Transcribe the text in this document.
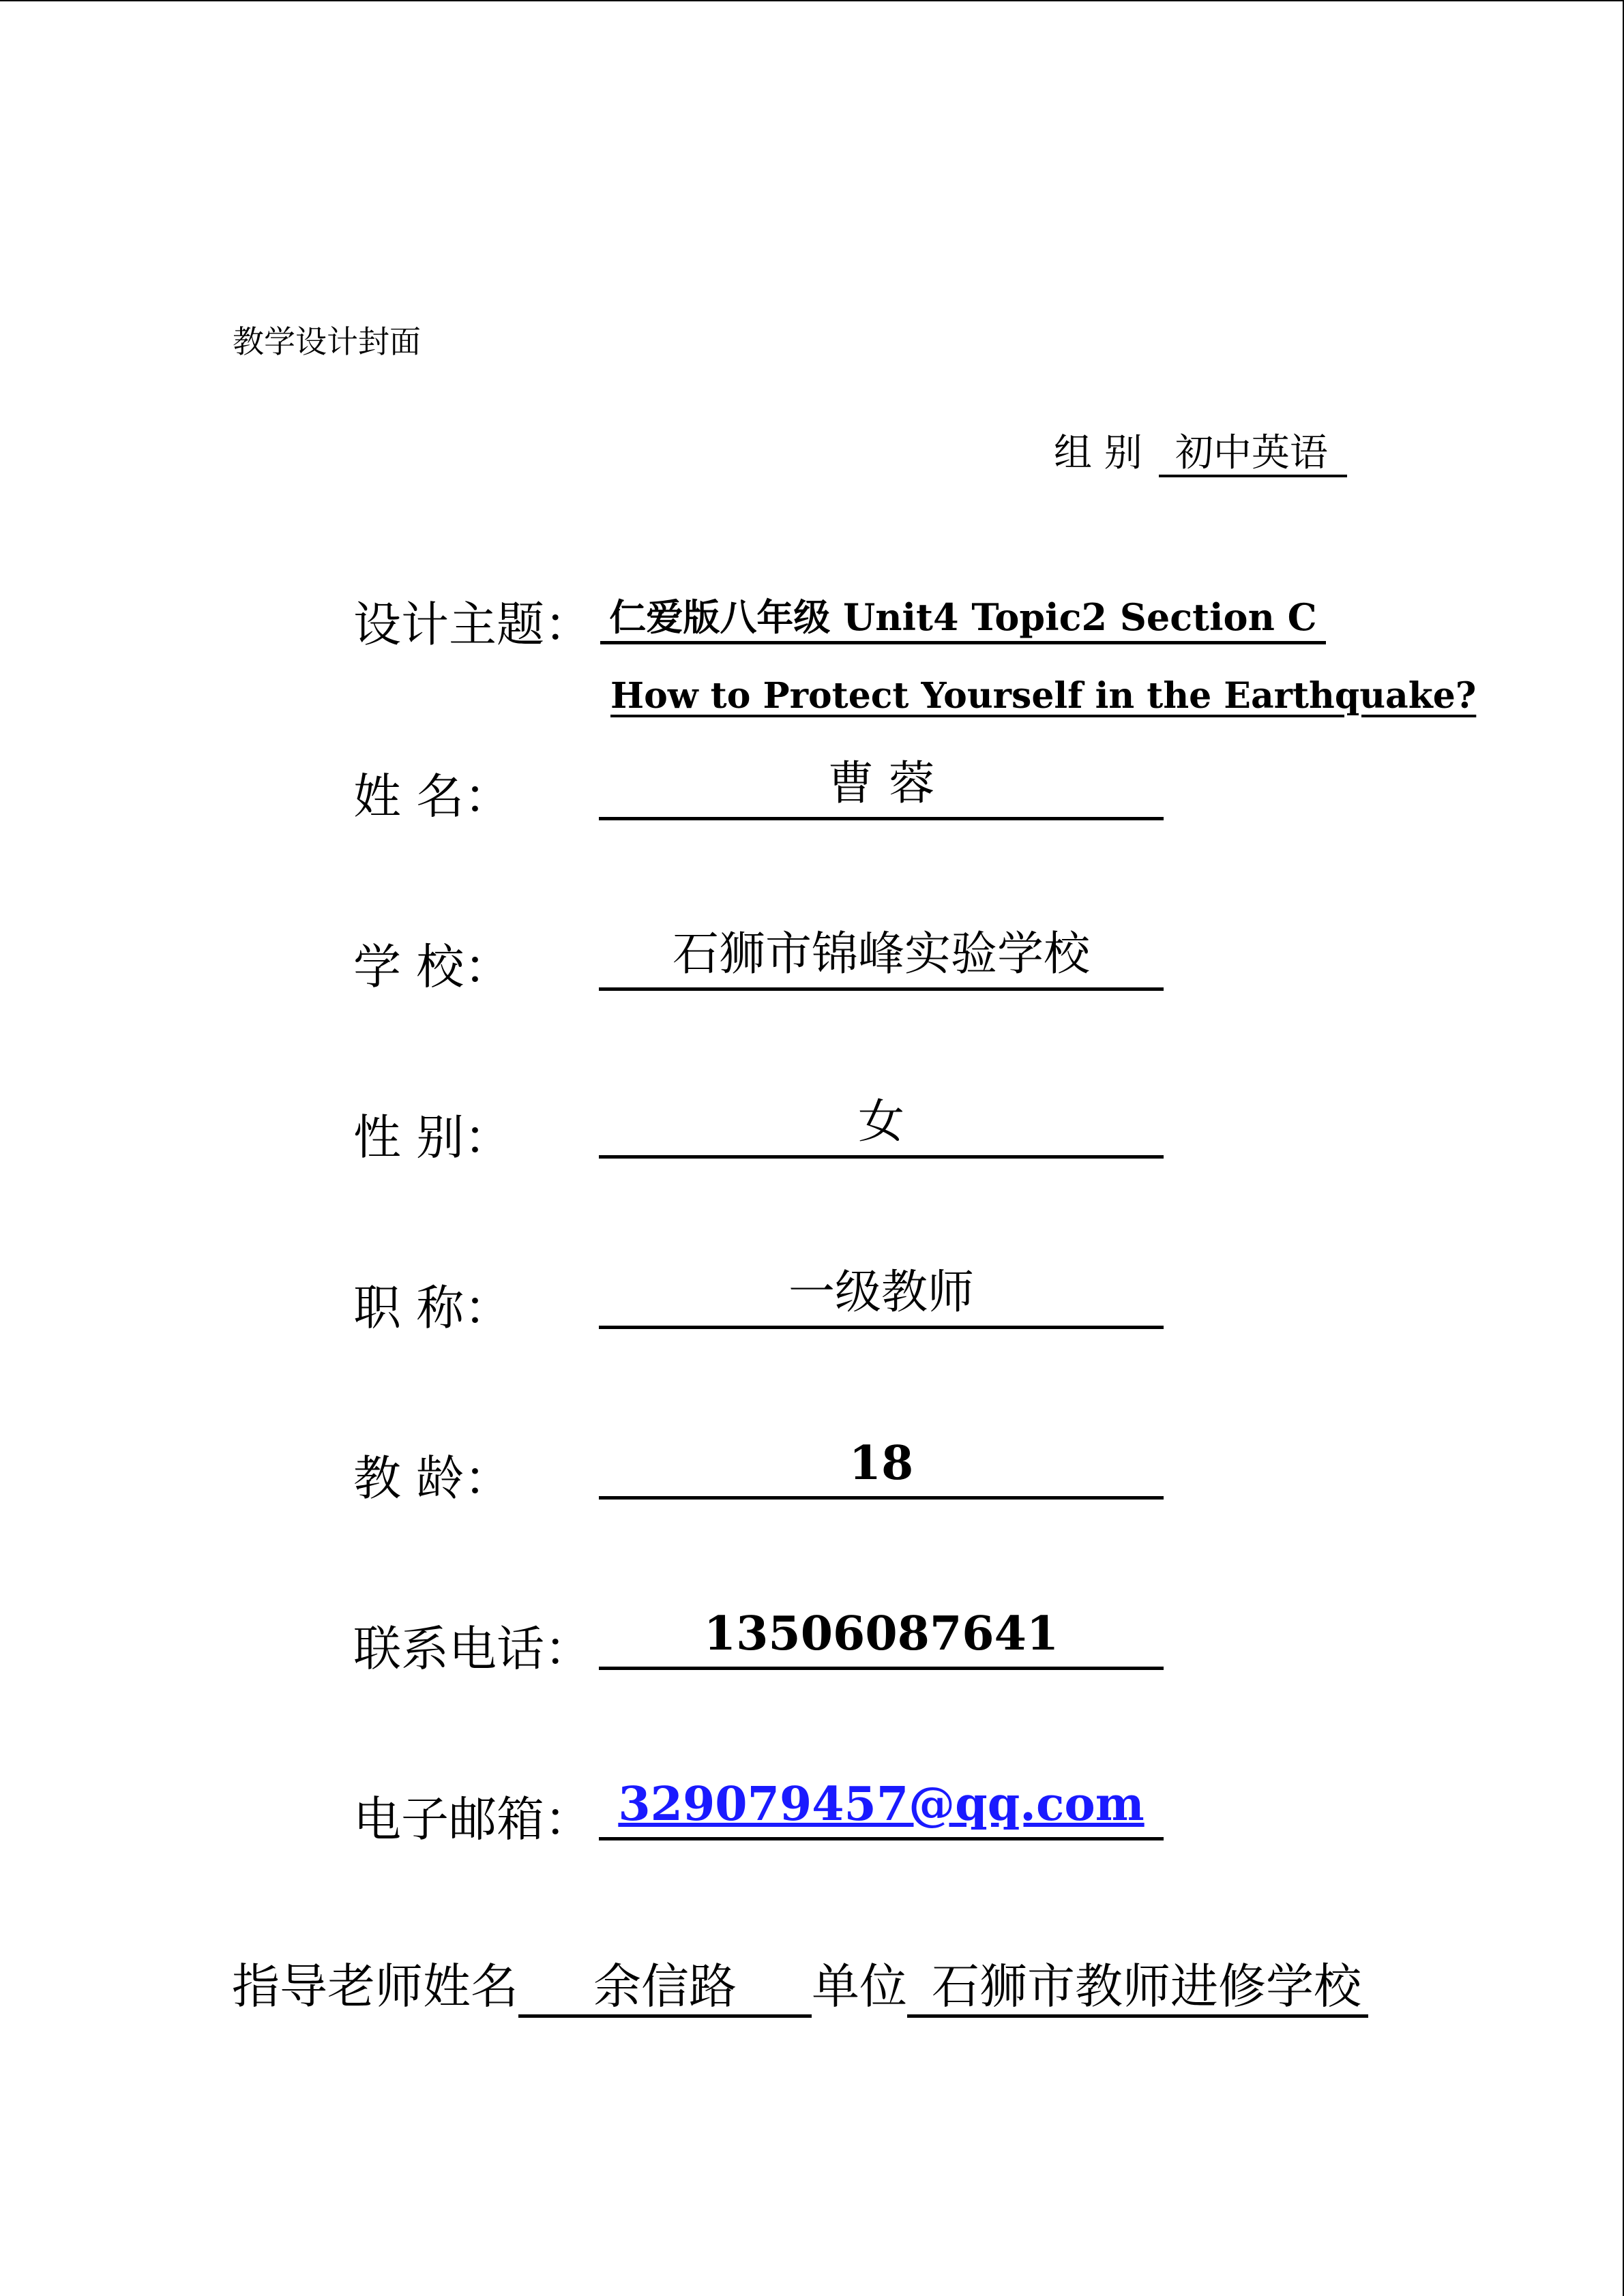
教学设计封面
组 别 初中英语
设计主题： 仁爱版八年级 Unit4 Topic2 Section C
How to Protect Yourself in the Earthquake?
姓 名：	曹 蓉
学 校：	石狮市锦峰实验学校
性 别：	女
职 称：	一级教师
教 龄：	18
联系电话：	13506087641
电子邮箱： 329079457@qq.com
指导老师姓名 余信路 单位 石狮市教师进修学校
